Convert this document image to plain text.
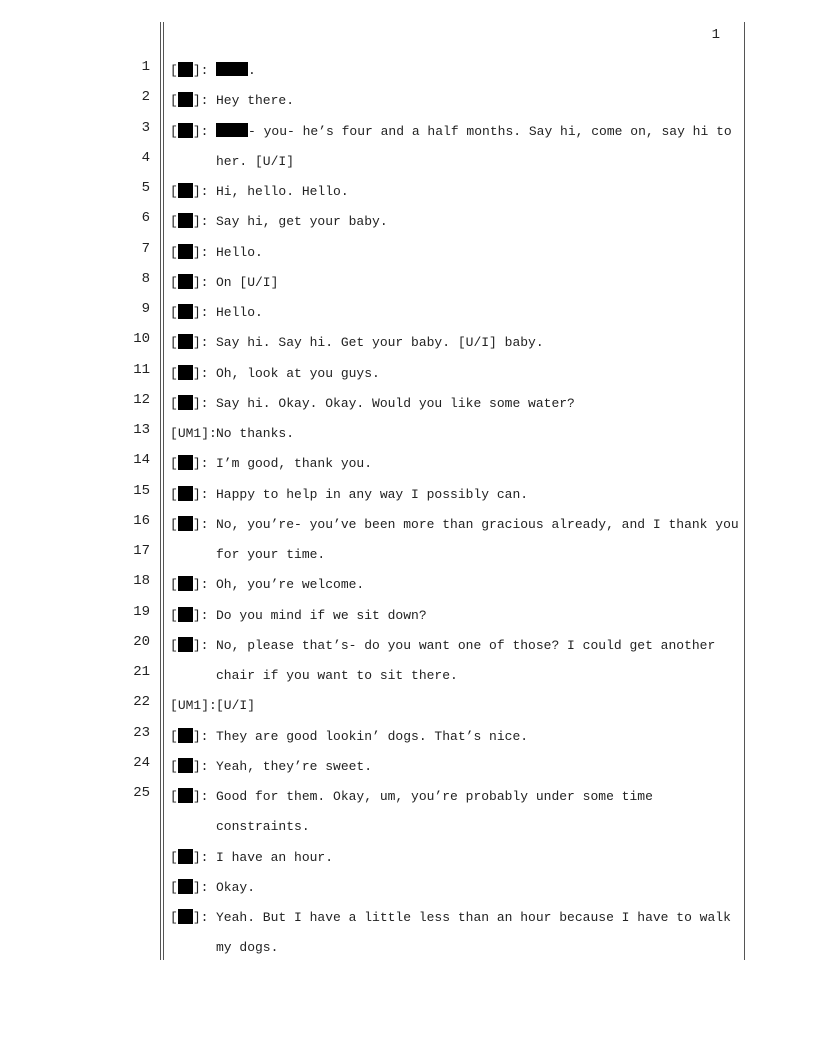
1
1
2
3
4
5
6
7
8
9
10
11
12
13
14
15
16
17
18
19
20
21
22
23
24
25
[ ]:	.
[ ]: Hey there.
[ ]:	- you- he’s four and a half months. Say hi, come on, say hi to her. [U/I]
[ ]: Hi, hello. Hello.
[ ]: Say hi, get your baby.
[ ]: Hello.
[ ]: On [U/I]
[ ]: Hello.
[ ]: Say hi. Say hi. Get your baby. [U/I] baby.
[ ]: Oh, look at you guys.
[ ]: Say hi. Okay. Okay. Would you like some water?
[UM1]: No thanks.
[ ]: I’m good, thank you.
[ ]: Happy to help in any way I possibly can.
[ ]: No, you’re- you’ve been more than gracious already, and I thank you for your time.
[ ]: Oh, you’re welcome.
[ ]: Do you mind if we sit down?
[ ]: No, please that’s- do you want one of those? I could get another chair if you want to sit there.
[UM1]: [U/I]
[ ]: They are good lookin’ dogs. That’s nice.
[ ]: Yeah, they’re sweet.
[ ]: Good for them. Okay, um, you’re probably under some time constraints.
[ ]: I have an hour.
[ ]: Okay.
[ ]: Yeah. But I have a little less than an hour because I have to walk my dogs.
